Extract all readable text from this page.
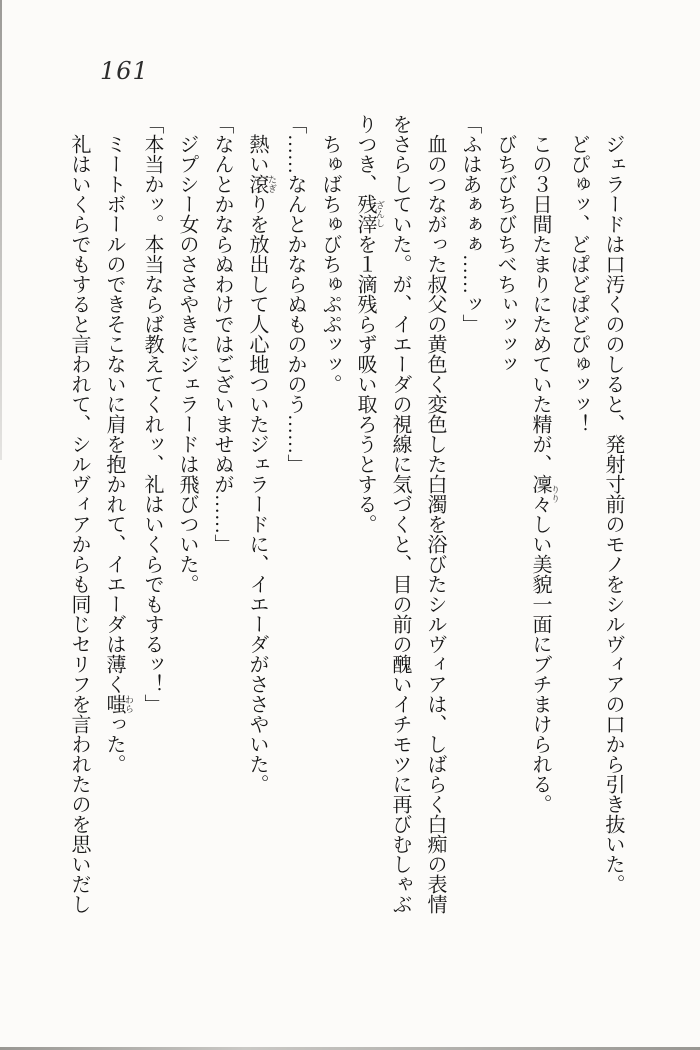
161

ジェラードは口汚くののしると、発射寸前のモノをシルヴィアの口から引き抜いた。

どぴゅッ、どぱどぱどぴゅッッ！

この３日間たまりにためていた精が、凜々 りりしい美貌一面にブチまけられる。

びちびちびちべちぃッッッ

「ふはあぁぁぁ……ッ」

血のつながった叔父の黄色く変色した白濁を浴びたシルヴィアは、しばらく白痴の表情をさらしていた。が、イエーダの視線に気づくと、目の前の醜いイチモツに再びむしゃぶりつき、残滓 ざんしを１滴残らず吸い取ろうとする。

ちゅばちゅびちゅぷぷッッ。

「……なんとかならぬものかのう……」

熱い滾 たぎりを放出して人心地ついたジェラードに、イエーダがささやいた。

「なんとかならぬわけではございませぬが……」

ジプシー女のささやきにジェラードは飛びついた。

「本当かッ。本当ならば教えてくれッ、礼はいくらでもするッ！」

ミートボールのできそこないに肩を抱かれて、イエーダは薄く嗤 わらった。

礼はいくらでもすると言われて、シルヴィアからも同じセリフを言われたのを思いだし
